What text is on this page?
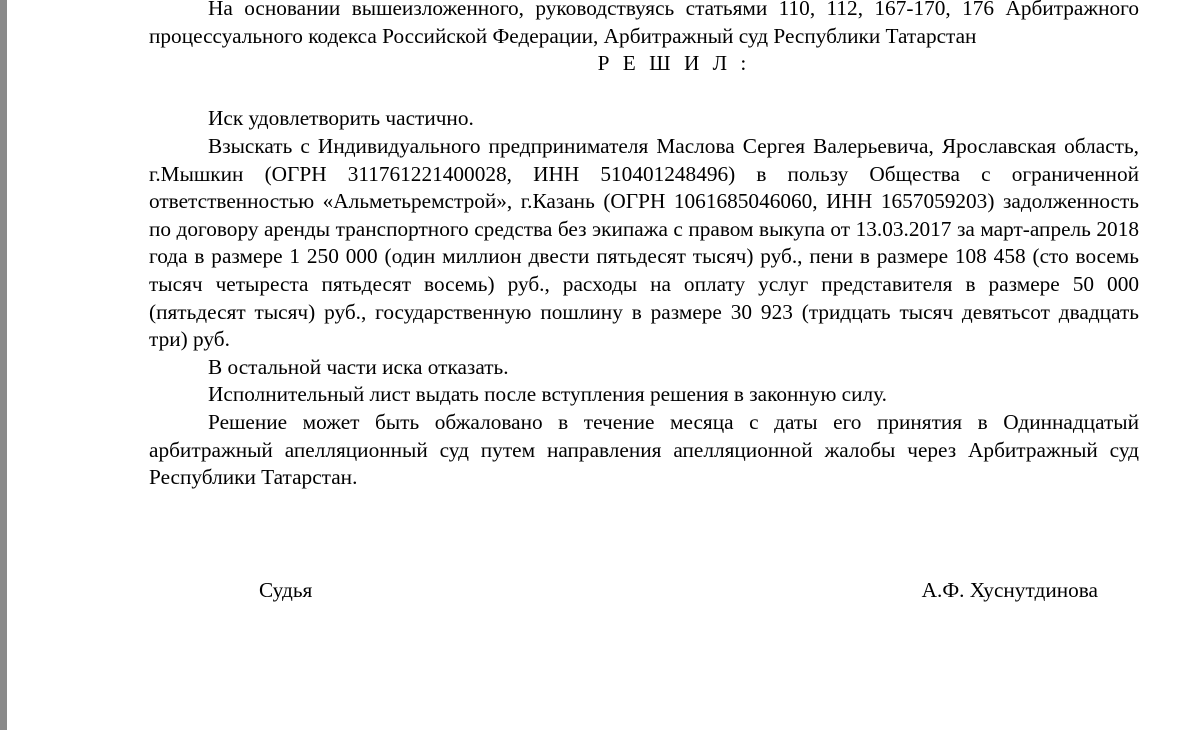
На основании вышеизложенного, руководствуясь статьями 110, 112, 167-170, 176 Арбитражного процессуального кодекса Российской Федерации, Арбитражный суд Республики Татарстан

Р Е Ш И Л :

Иск удовлетворить частично.

Взыскать с Индивидуального предпринимателя Маслова Сергея Валерьевича, Ярославская область, г.Мышкин (ОГРН 311761221400028, ИНН 510401248496) в пользу Общества с ограниченной ответственностью «Альметьремстрой», г.Казань (ОГРН 1061685046060, ИНН 1657059203) задолженность по договору аренды транспортного средства без экипажа с правом выкупа от 13.03.2017 за март-апрель 2018 года в размере 1 250 000 (один миллион двести пятьдесят тысяч) руб., пени в размере 108 458 (сто восемь тысяч четыреста пятьдесят восемь) руб., расходы на оплату услуг представителя в размере 50 000 (пятьдесят тысяч) руб., государственную пошлину в размере 30 923 (тридцать тысяч девятьсот двадцать три) руб.

В остальной части иска отказать.

Исполнительный лист выдать после вступления решения в законную силу.

Решение может быть обжаловано в течение месяца с даты его принятия в Одиннадцатый арбитражный апелляционный суд путем направления апелляционной жалобы через Арбитражный суд Республики Татарстан.

Судья	А.Ф. Хуснутдинова
